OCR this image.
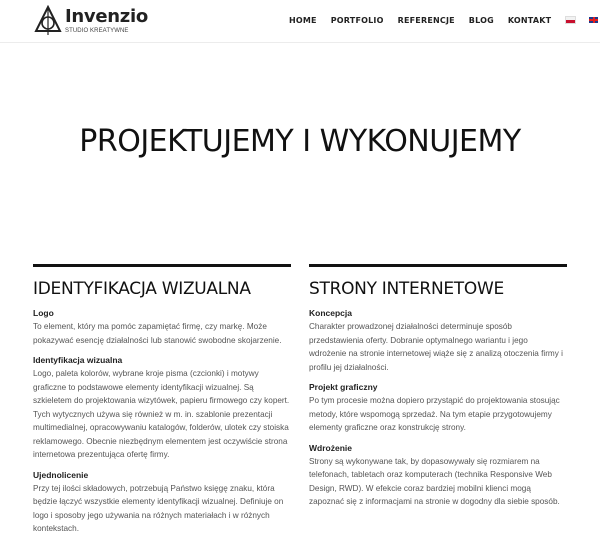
Invenzio
STUDIO KREATYWNE
HOME PORTFOLIO REFERENCJE BLOG KONTAKT
PROJEKTUJEMY I WYKONUJEMY
IDENTYFIKACJA WIZUALNA

Logo

To element, który ma pomóc zapamiętać firmę, czy markę. Może pokazywać esencję działalności lub stanowić swobodne skojarzenie.

Identyfikacja wizualna

Logo, paleta kolorów, wybrane kroje pisma (czcionki) i motywy graficzne to podstawowe elementy identyfikacji wizualnej. Są szkieletem do projektowania wizytówek, papieru firmowego czy kopert. Tych wytycznych używa się również w m. in. szablonie prezentacji multimedialnej, opracowywaniu katalogów, folderów, ulotek czy stoiska reklamowego. Obecnie niezbędnym elementem jest oczywiście strona internetowa prezentująca ofertę firmy.

Ujednolicenie

Przy tej ilości składowych, potrzebują Państwo księgę znaku, która będzie łączyć wszystkie elementy identyfikacji wizualnej. Definiuje on logo i sposoby jego używania na różnych materiałach i w różnych kontekstach.

STRONY INTERNETOWE

Koncepcja

Charakter prowadzonej działalności determinuje sposób przedstawienia oferty. Dobranie optymalnego wariantu i jego wdrożenie na stronie internetowej wiąże się z analizą otoczenia firmy i profilu jej działalności.

Projekt graficzny

Po tym procesie można dopiero przystąpić do projektowania stosując metody, które wspomogą sprzedaż. Na tym etapie przygotowujemy elementy graficzne oraz konstrukcję strony.

Wdrożenie

Strony są wykonywane tak, by dopasowywały się rozmiarem na telefonach, tabletach oraz komputerach (technika Responsive Web Design, RWD). W efekcie coraz bardziej mobilni klienci mogą zapoznać się z informacjami na stronie w dogodny dla siebie sposób.
